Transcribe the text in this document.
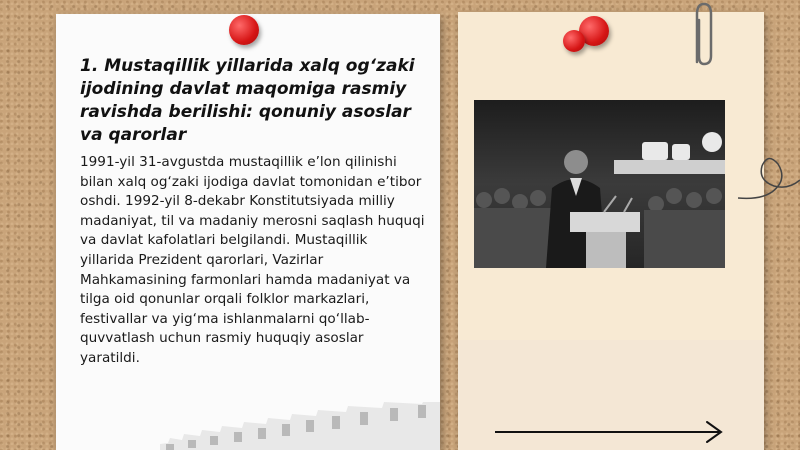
1. Mustaqillik yillarida xalq og‘zaki ijodining davlat maqomiga rasmiy ravishda berilishi: qonuniy asoslar va qarorlar

1991-yil 31-avgustda mustaqillik e’lon qilinishi bilan xalq og‘zaki ijodiga davlat tomonidan e’tibor oshdi. 1992-yil 8-dekabr Konstitutsiyada milliy madaniyat, til va madaniy merosni saqlash huquqi va davlat kafolatlari belgilandi. Mustaqillik yillarida Prezident qarorlari, Vazirlar Mahkamasining farmonlari hamda madaniyat va tilga oid qonunlar orqali folklor markazlari, festivallar va yig‘ma ishlanmalarni qo‘llab-quvvatlash uchun rasmiy huquqiy asoslar yaratildi.
